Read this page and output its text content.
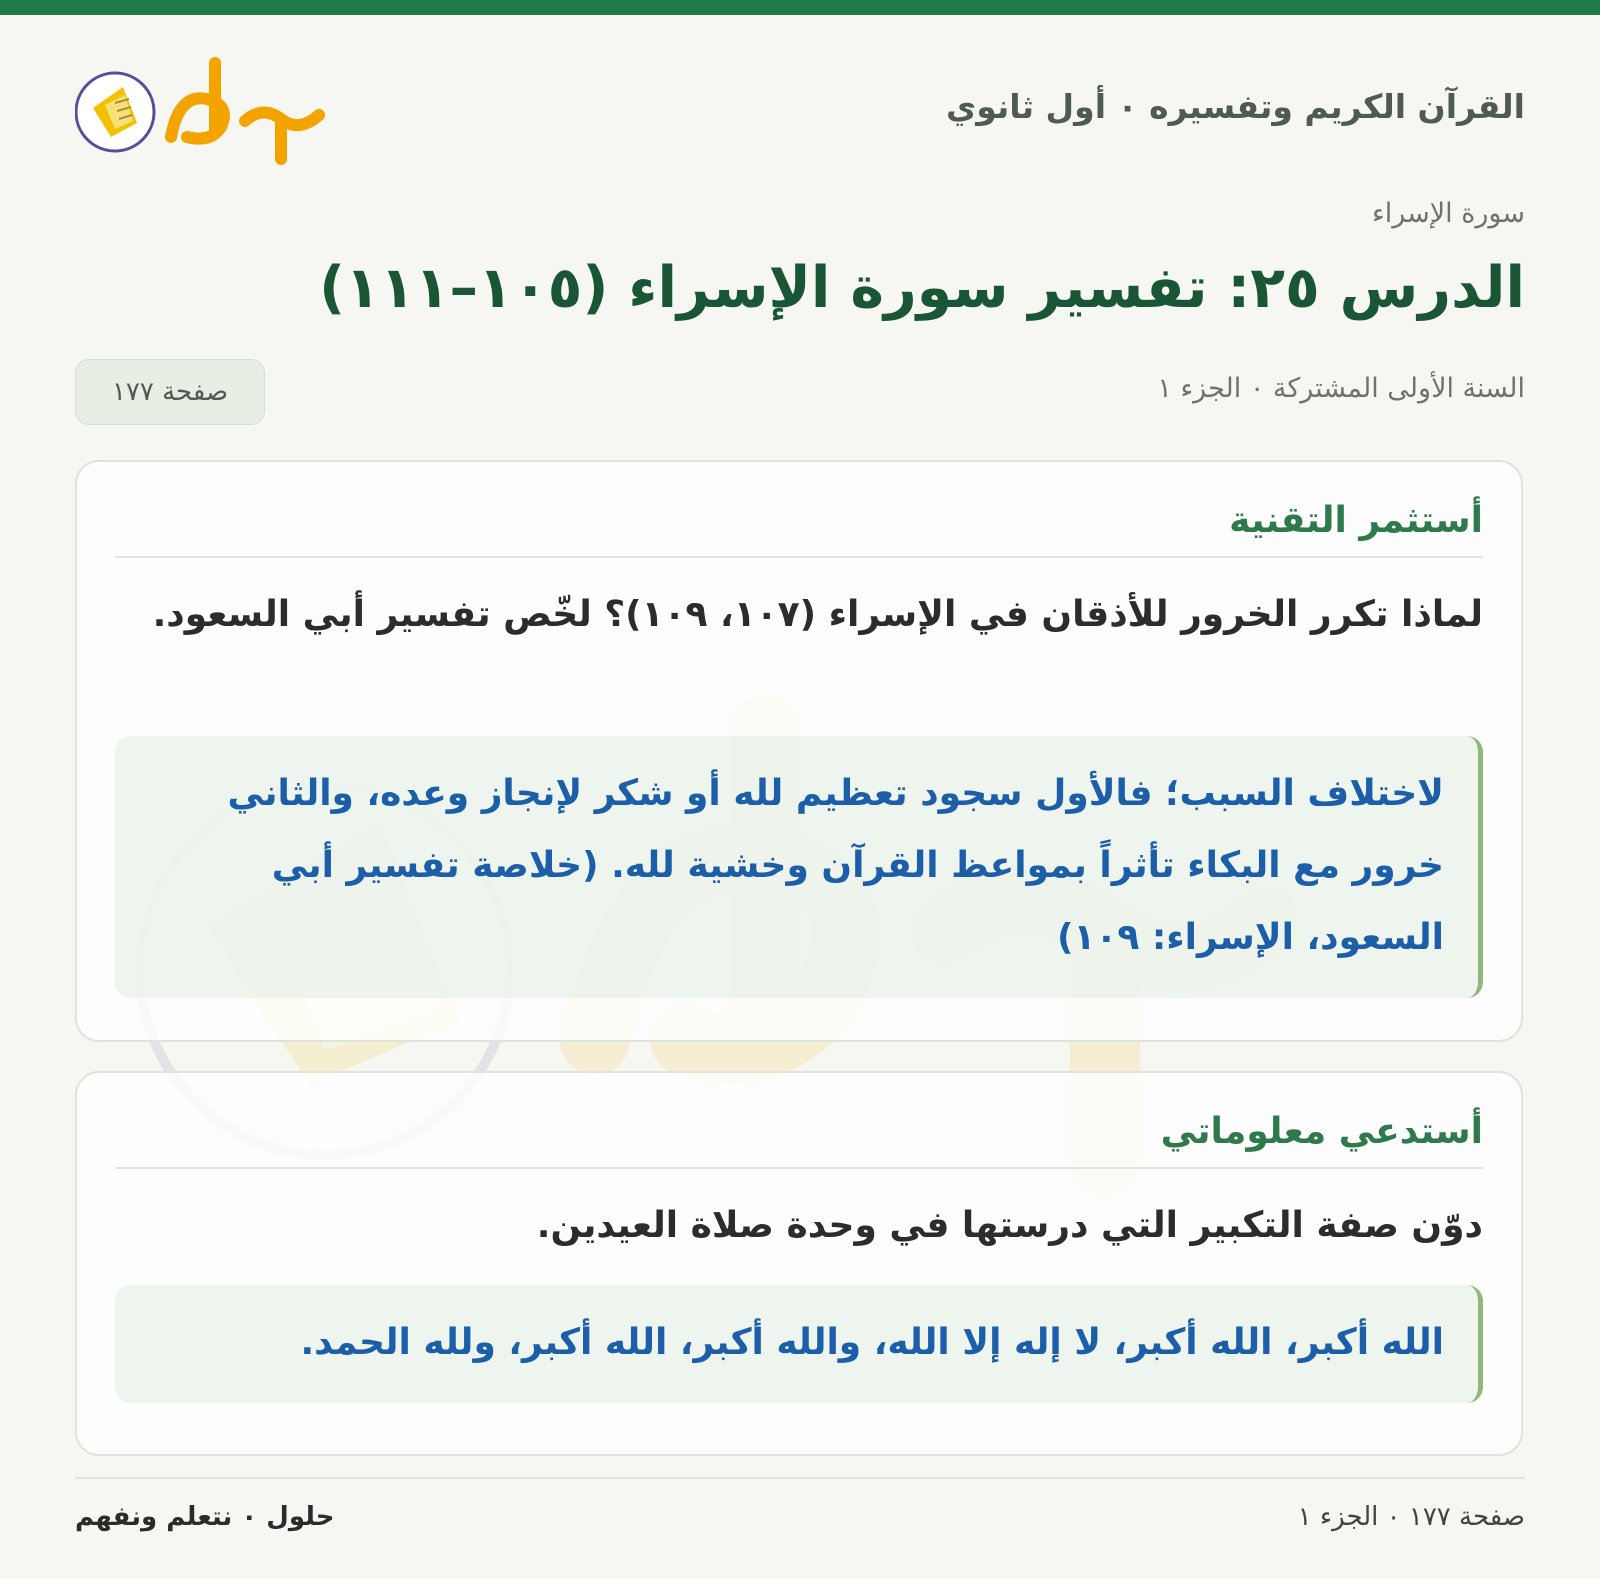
القرآن الكريم وتفسيره ٠ أول ثانوي
سورة الإسراء
الدرس ٢٥: تفسير سورة الإسراء (١٠٥–١١١)
السنة الأولى المشتركة ٠ الجزء ١
صفحة ١٧٧
أستثمر التقنية

لماذا تكرر الخرور للأذقان في الإسراء (١٠٧، ١٠٩)؟ لخّص تفسير أبي السعود.

لاختلاف السبب؛ فالأول سجود تعظيم لله أو شكر لإنجاز وعده، والثاني خرور مع البكاء تأثراً بمواعظ القرآن وخشية لله. (خلاصة تفسير أبي السعود، الإسراء: ١٠٩)
أستدعي معلوماتي

دوّن صفة التكبير التي درستها في وحدة صلاة العيدين.

الله أكبر، الله أكبر، لا إله إلا الله، والله أكبر، الله أكبر، ولله الحمد.
صفحة ١٧٧ ٠ الجزء ١
حلول ٠ نتعلم ونفهم
